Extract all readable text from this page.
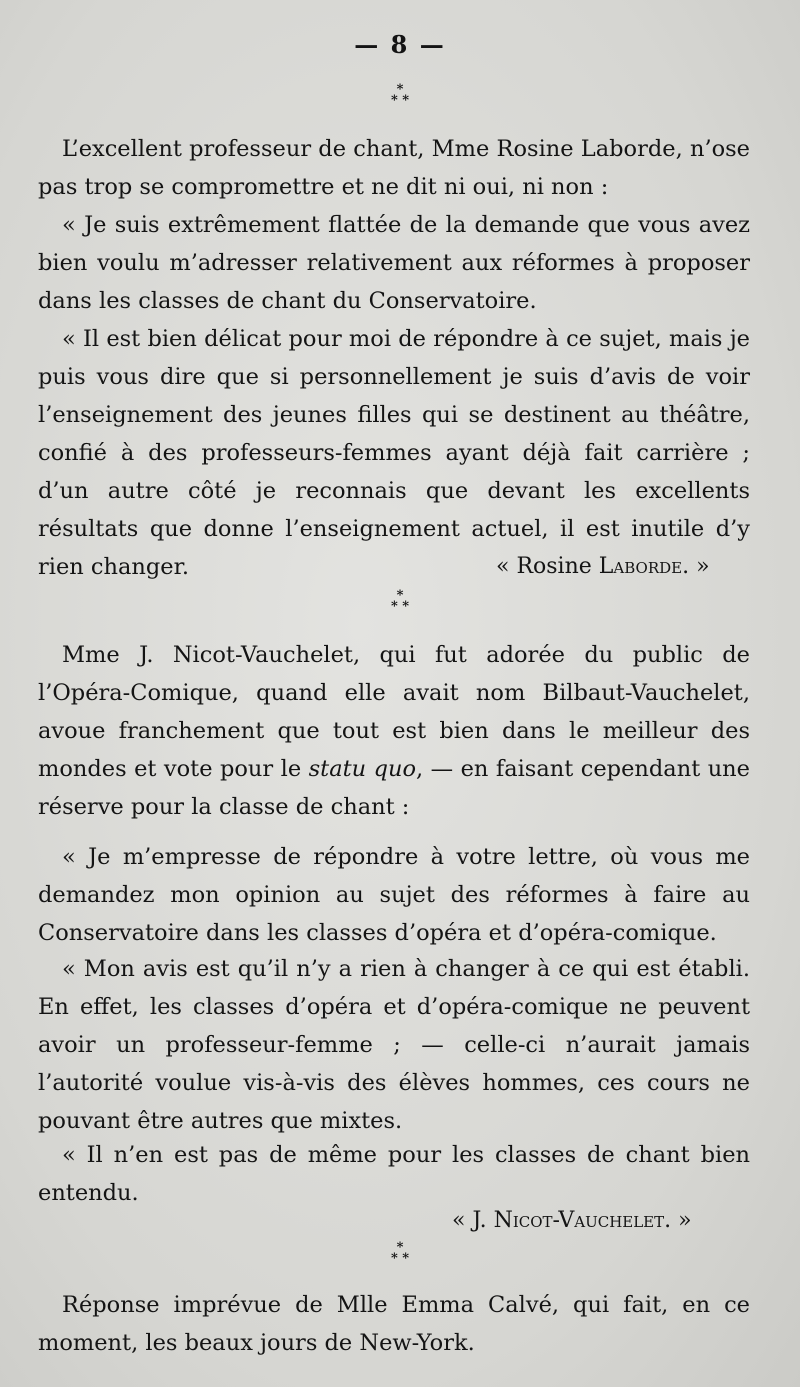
— 8 —
*
* *

L’excellent professeur de chant, Mme Rosine Laborde, n’ose pas trop se compromettre et ne dit ni oui, ni non :

« Je suis extrêmement flattée de la demande que vous avez bien voulu m’adresser relativement aux réformes à proposer dans les classes de chant du Conservatoire.

« Il est bien délicat pour moi de répondre à ce sujet, mais je puis vous dire que si personnellement je suis d’avis de voir l’enseignement des jeunes filles qui se destinent au théâtre, confié à des professeurs-femmes ayant déjà fait carrière ; d’un autre côté je reconnais que devant les excellents résultats que donne l’enseignement actuel, il est inutile d’y rien changer.	« Rosine Laborde. »
*
* *

Mme J. Nicot-Vauchelet, qui fut adorée du public de l’Opéra-Comique, quand elle avait nom Bilbaut-Vauchelet, avoue franchement que tout est bien dans le meilleur des mondes et vote pour le statu quo, — en faisant cependant une réserve pour la classe de chant :

« Je m’empresse de répondre à votre lettre, où vous me demandez mon opinion au sujet des réformes à faire au Conservatoire dans les classes d’opéra et d’opéra-comique.

« Mon avis est qu’il n’y a rien à changer à ce qui est établi. En effet, les classes d’opéra et d’opéra-comique ne peuvent avoir un professeur-femme ; — celle-ci n’aurait jamais l’autorité voulue vis-à-vis des élèves hommes, ces cours ne pouvant être autres que mixtes.

« Il n’en est pas de même pour les classes de chant bien entendu.

« J. Nicot-Vauchelet. »
*
* *

Réponse imprévue de Mlle Emma Calvé, qui fait, en ce moment, les beaux jours de New-York.
